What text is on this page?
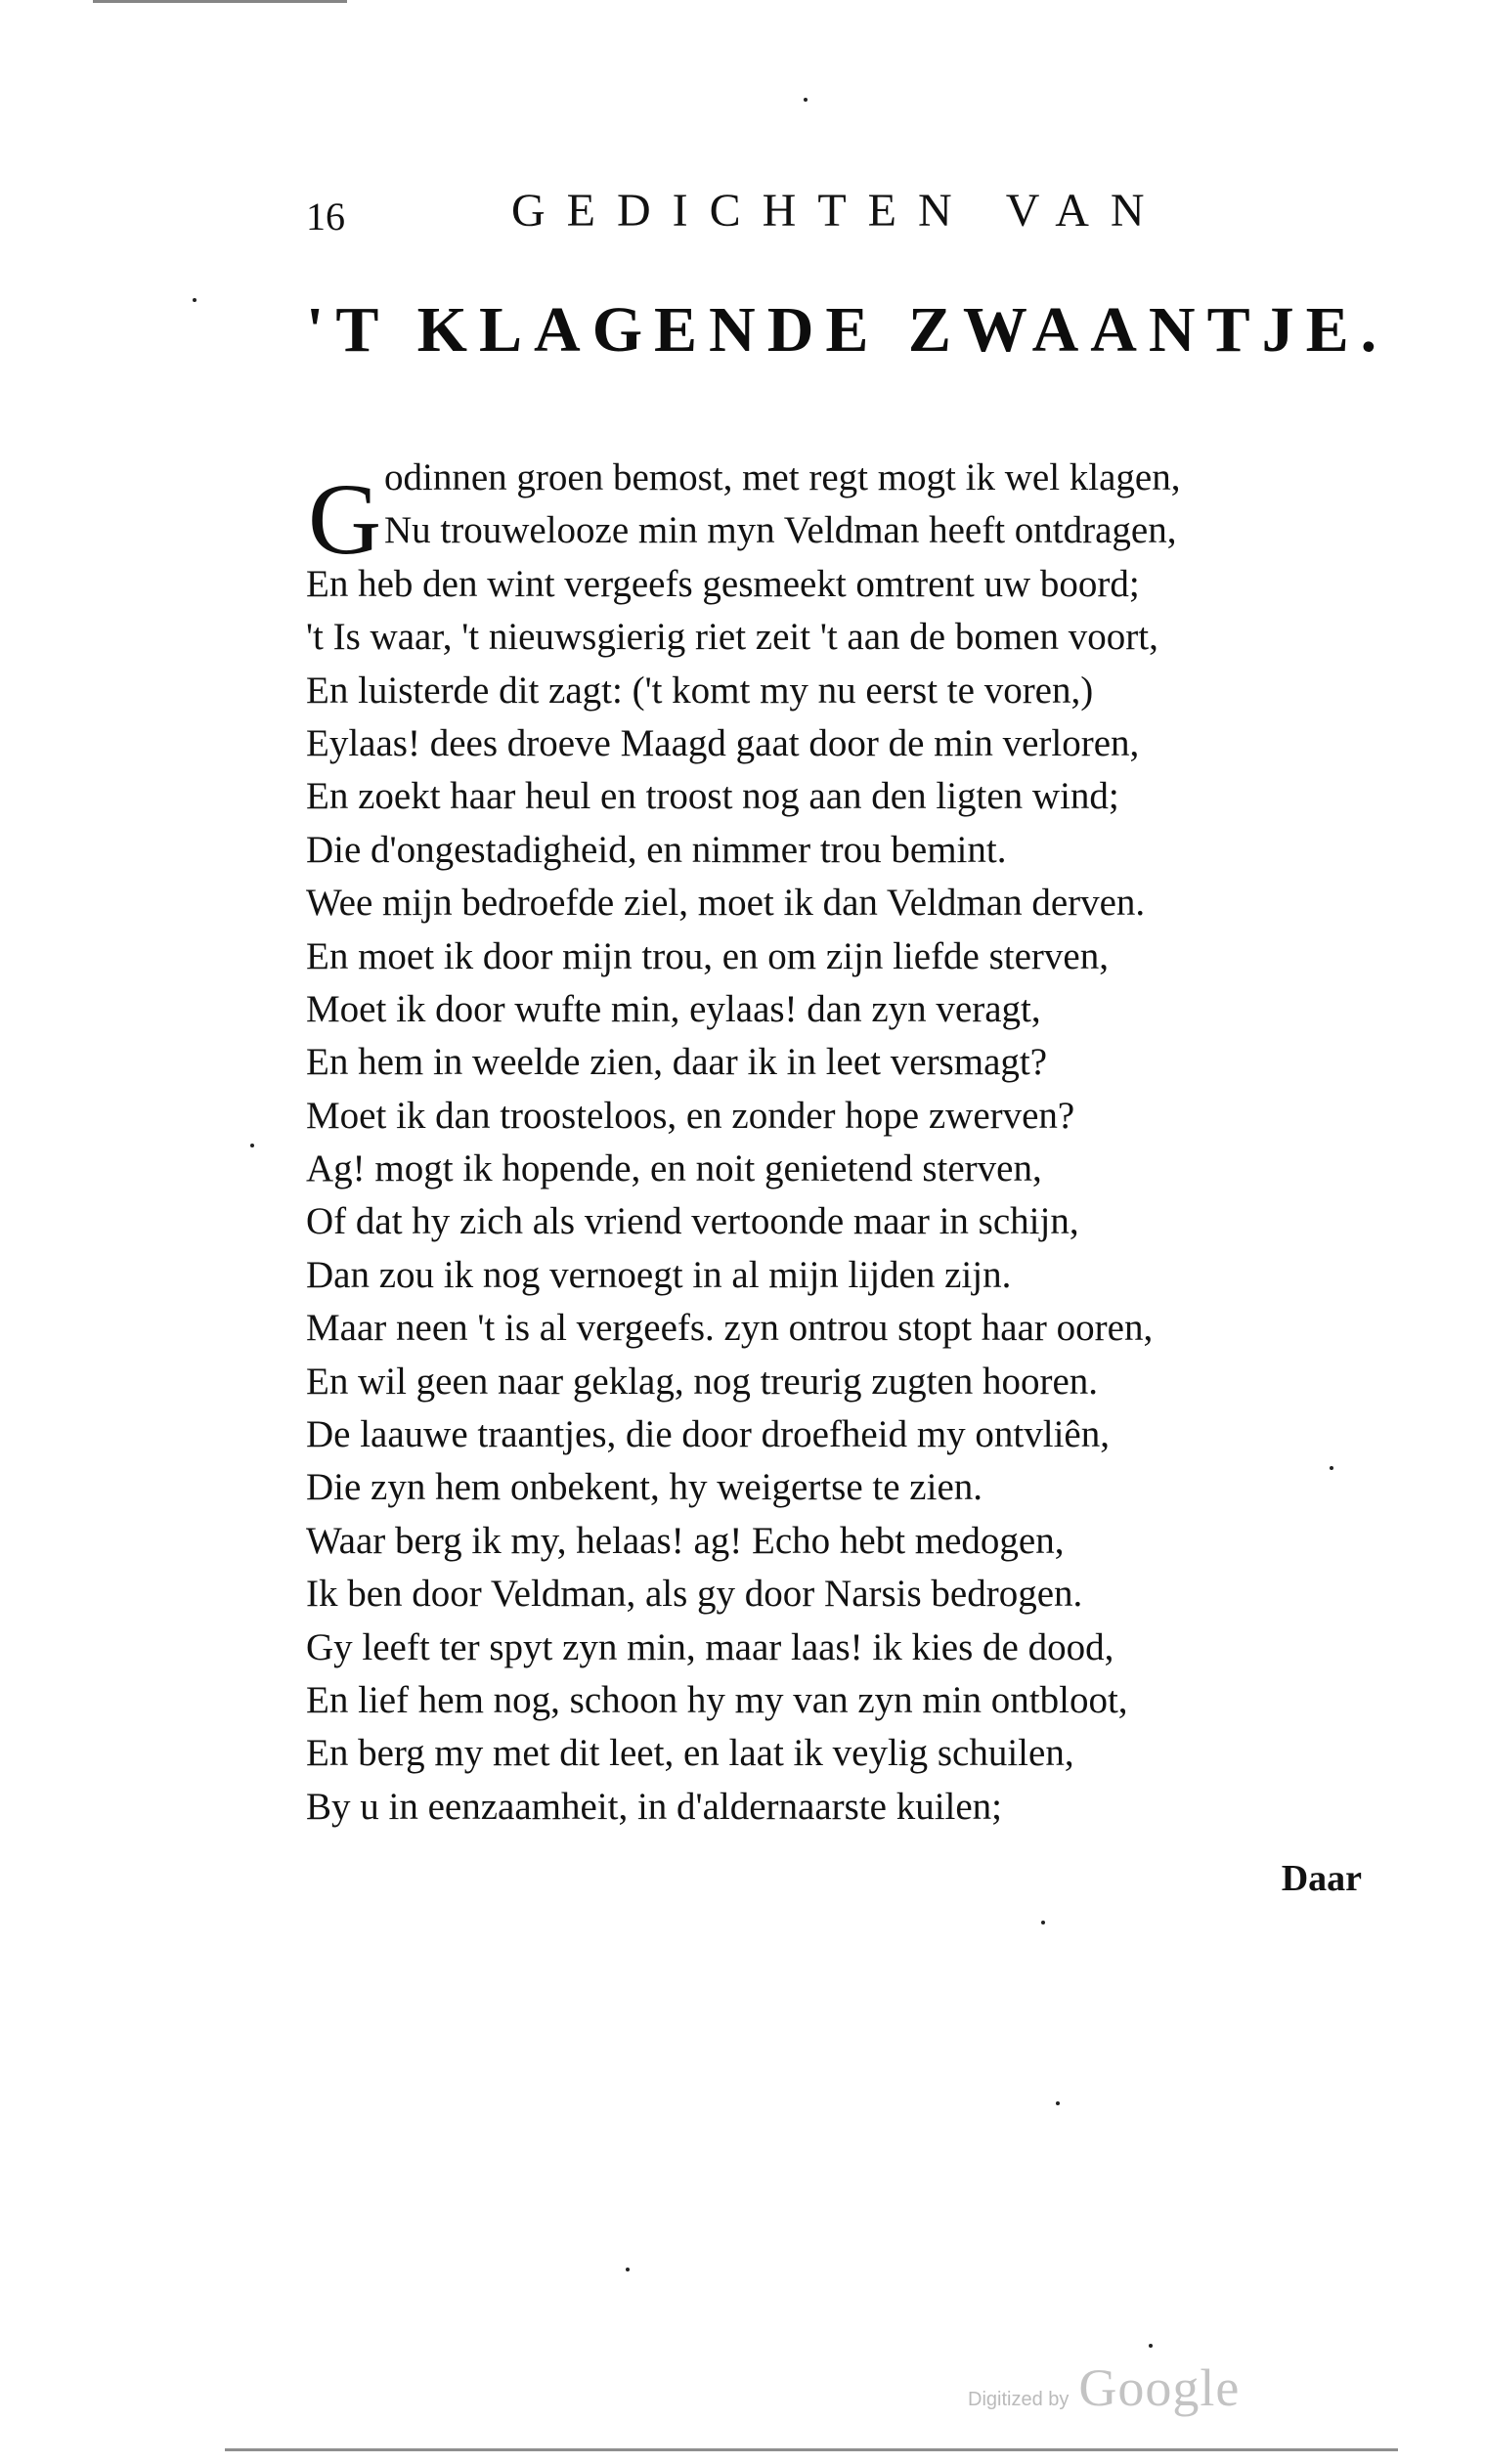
16	GEDICHTEN VAN
'T KLAGENDE ZWAANTJE.
G odinnen groen bemost, met regt mogt ik wel klagen,
Nu trouwelooze min myn Veldman heeft ontdragen,
En heb den wint vergeefs gesmeekt omtrent uw boord;
't Is waar, 't nieuwsgierig riet zeit 't aan de bomen voort,
En luisterde dit zagt: ('t komt my nu eerst te voren,)
Eylaas! dees droeve Maagd gaat door de min verloren,
En zoekt haar heul en troost nog aan den ligten wind;
Die d'ongestadigheid, en nimmer trou bemint.
Wee mijn bedroefde ziel, moet ik dan Veldman derven.
En moet ik door mijn trou, en om zijn liefde sterven,
Moet ik door wufte min, eylaas! dan zyn veragt,
En hem in weelde zien, daar ik in leet versmagt?
Moet ik dan troosteloos, en zonder hope zwerven?
Ag! mogt ik hopende, en noit genietend sterven,
Of dat hy zich als vriend vertoonde maar in schijn,
Dan zou ik nog vernoegt in al mijn lijden zijn.
Maar neen 't is al vergeefs. zyn ontrou stopt haar ooren,
En wil geen naar geklag, nog treurig zugten hooren.
De laauwe traantjes, die door droefheid my ontvliên,
Die zyn hem onbekent, hy weigertse te zien.
Waar berg ik my, helaas! ag! Echo hebt medogen,
Ik ben door Veldman, als gy door Narsis bedrogen.
Gy leeft ter spyt zyn min, maar laas! ik kies de dood,
En lief hem nog, schoon hy my van zyn min ontbloot,
En berg my met dit leet, en laat ik veylig schuilen,
By u in eenzaamheit, in d'aldernaarste kuilen;
Daar
Digitized by Google
